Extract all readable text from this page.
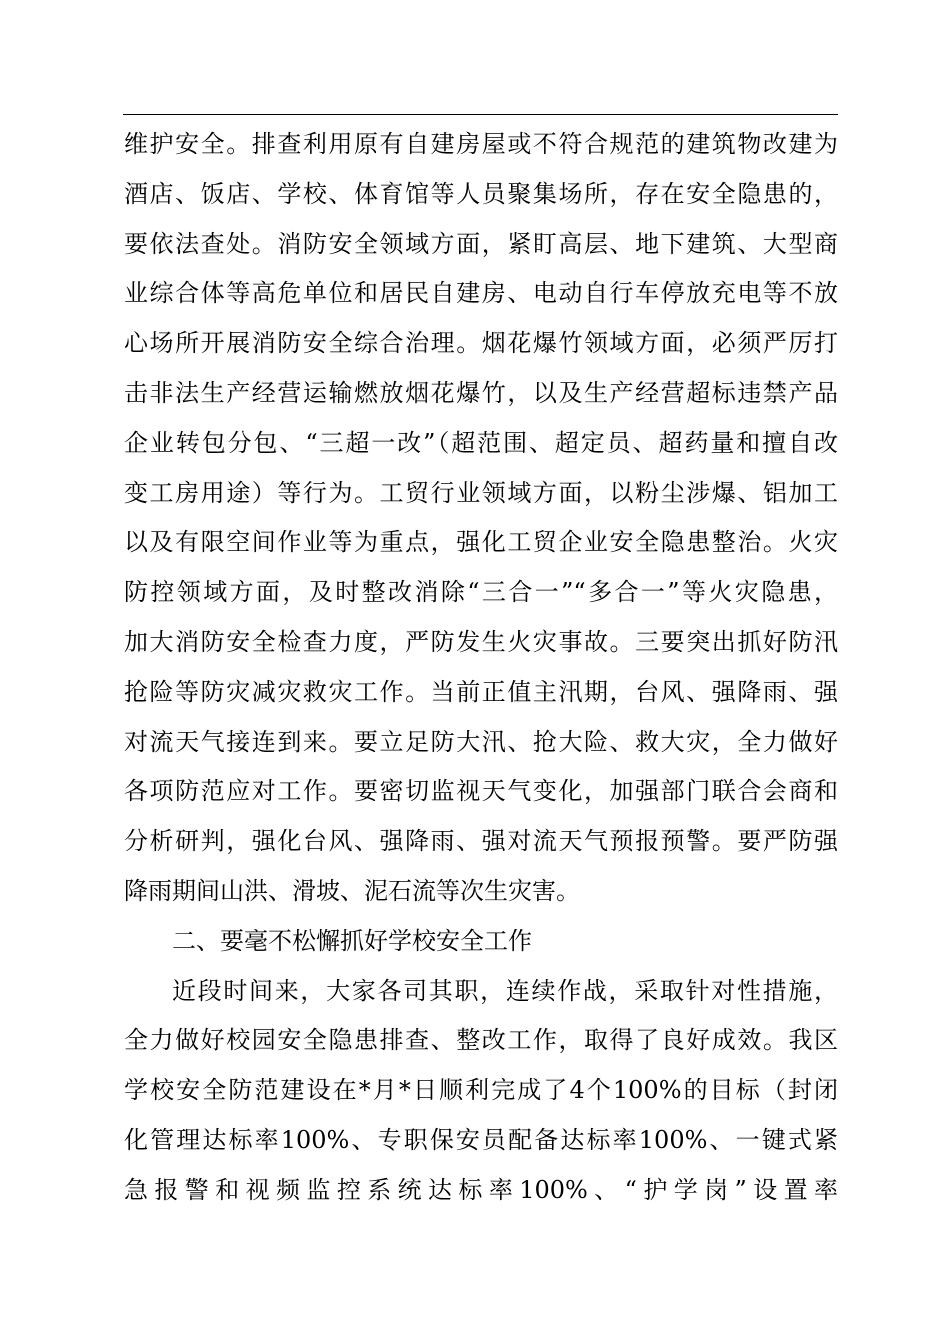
维护安全。排查利用原有自建房屋或不符合规范的建筑物改建为
酒店、饭店、学校、体育馆等人员聚集场所，存在安全隐患的，
要依法查处。消防安全领域方面，紧盯高层、地下建筑、大型商
业综合体等高危单位和居民自建房、电动自行车停放充电等不放
心场所开展消防安全综合治理。烟花爆竹领域方面，必须严厉打
击非法生产经营运输燃放烟花爆竹，以及生产经营超标违禁产品
企业转包分包、“三超一改”（超范围、超定员、超药量和擅自改
变工房用途）等行为。工贸行业领域方面，以粉尘涉爆、铝加工
以及有限空间作业等为重点，强化工贸企业安全隐患整治。火灾
防控领域方面，及时整改消除“三合一”“多合一”等火灾隐患，
加大消防安全检查力度，严防发生火灾事故。三要突出抓好防汛
抢险等防灾减灾救灾工作。当前正值主汛期，台风、强降雨、强
对流天气接连到来。要立足防大汛、抢大险、救大灾，全力做好
各项防范应对工作。要密切监视天气变化，加强部门联合会商和
分析研判，强化台风、强降雨、强对流天气预报预警。要严防强
降雨期间山洪、滑坡、泥石流等次生灾害。
二、要毫不松懈抓好学校安全工作
近段时间来，大家各司其职，连续作战，采取针对性措施，
全力做好校园安全隐患排查、整改工作，取得了良好成效。我区
学校安全防范建设在*月*日顺利完成了4个100%的目标（封闭
化管理达标率100%、专职保安员配备达标率100%、一键式紧
急报警和视频监控系统达标率100%、“护学岗”设置率
